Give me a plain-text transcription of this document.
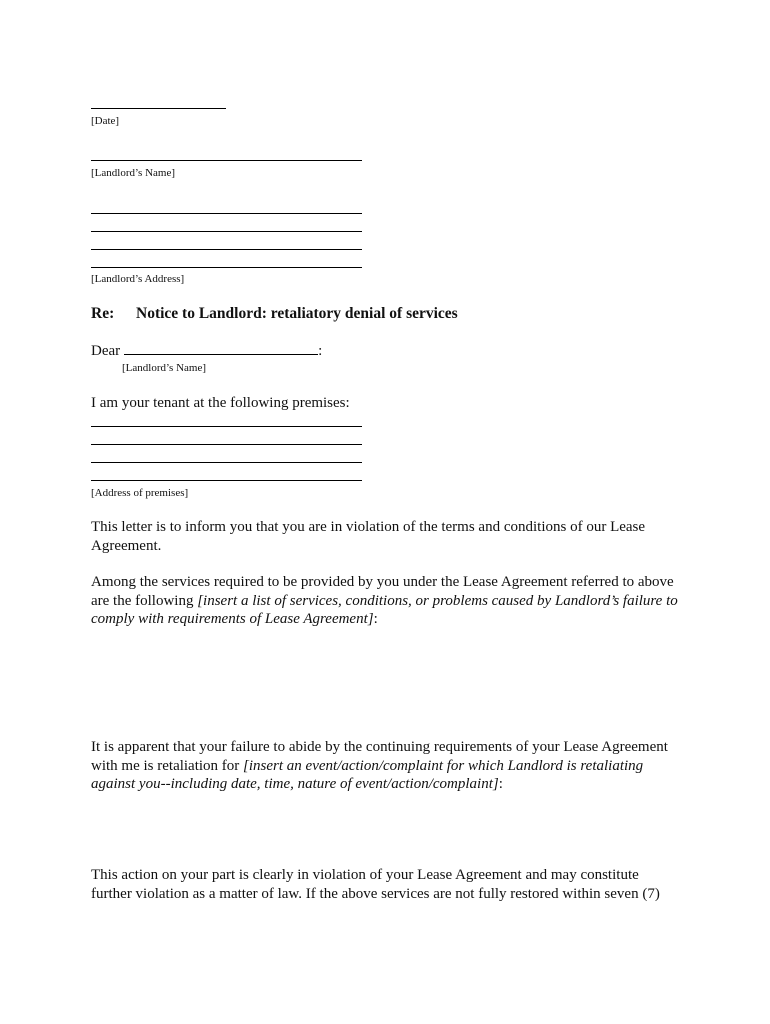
[Date]
[Landlord’s Name]
[Landlord’s Address]
Re: Notice to Landlord: retaliatory denial of services
Dear	:
[Landlord’s Name]
I am your tenant at the following premises:
[Address of premises]
This letter is to inform you that you are in violation of the terms and conditions of our Lease Agreement.
Among the services required to be provided by you under the Lease Agreement referred to above are the following [insert a list of services, conditions, or problems caused by Landlord’s failure to comply with requirements of Lease Agreement]:
It is apparent that your failure to abide by the continuing requirements of your Lease Agreement with me is retaliation for [insert an event/action/complaint for which Landlord is retaliating against you--including date, time, nature of event/action/complaint]:
This action on your part is clearly in violation of your Lease Agreement and may constitute further violation as a matter of law. If the above services are not fully restored within seven (7)
